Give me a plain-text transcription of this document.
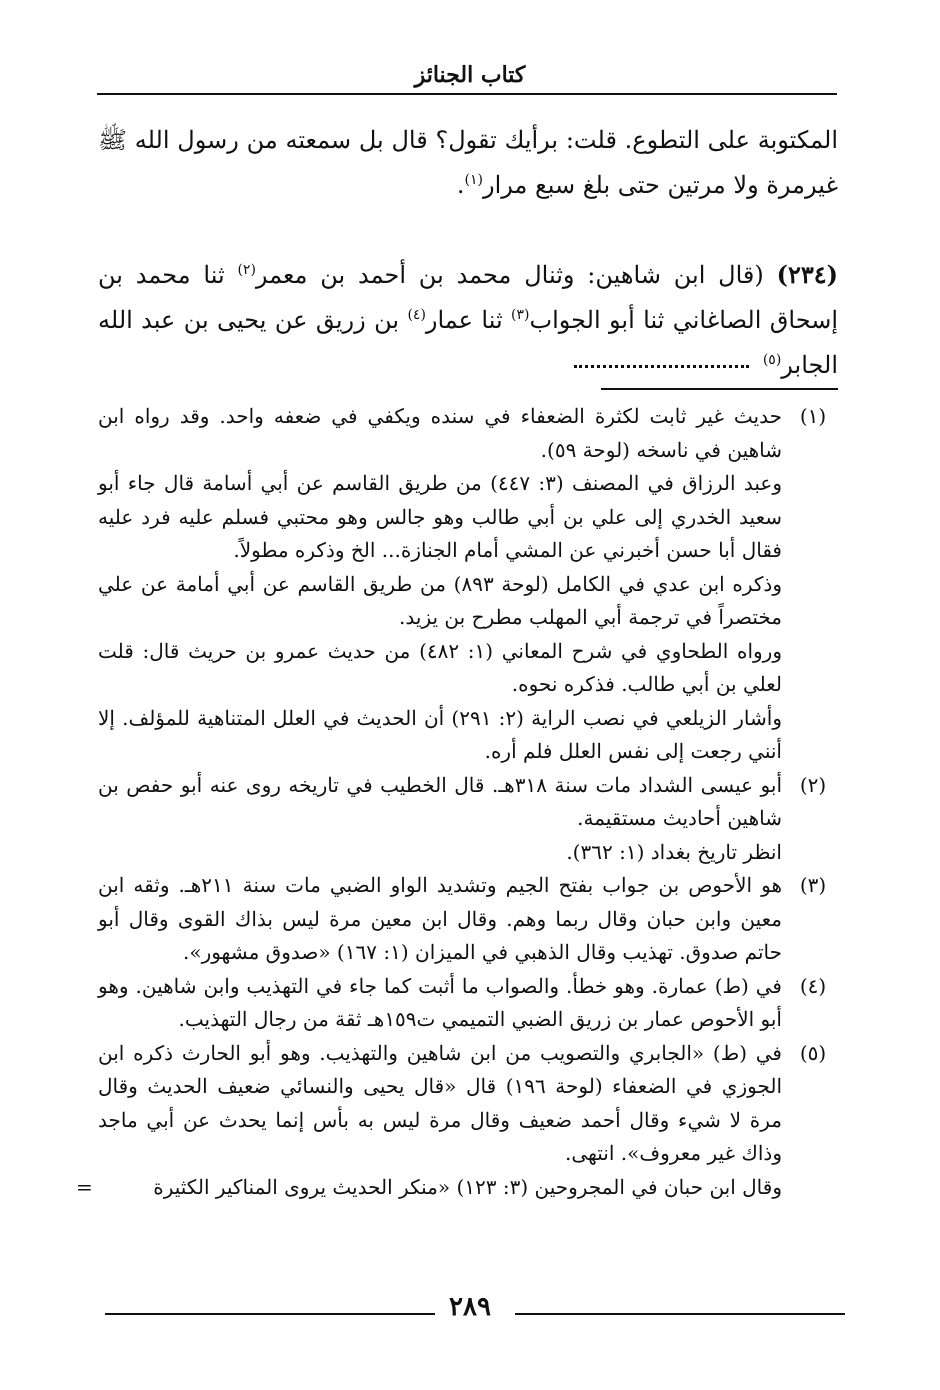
كتاب الجنائز

المكتوبة على التطوع. قلت: برأيك تقول؟ قال بل سمعته من رسول الله ﷺ غيرمرة ولا مرتين حتى بلغ سبع مرار$^{(١)}$.

(٢٣٤) (قال ابن شاهين: وثنال محمد بن أحمد بن معمر$^{(٢)}$ ثنا محمد بن إسحاق الصاغاني ثنا أبو الجواب$^{(٣)}$ ثنا عمار$^{(٤)}$ بن زريق عن يحيى بن عبد الله الجابر$^{(٥)}$

(١)

حديث غير ثابت لكثرة الضعفاء في سنده ويكفي في ضعفه واحد. وقد رواه ابن شاهين في ناسخه (لوحة ٥٩).

وعبد الرزاق في المصنف (٣: ٤٤٧) من طريق القاسم عن أبي أسامة قال جاء أبو سعيد الخدري إلى علي بن أبي طالب وهو جالس وهو محتبي فسلم عليه فرد عليه فقال أبا حسن أخبرني عن المشي أمام الجنازة... الخ وذكره مطولاً.

وذكره ابن عدي في الكامل (لوحة ٨٩٣) من طريق القاسم عن أبي أمامة عن علي مختصراً في ترجمة أبي المهلب مطرح بن يزيد.

ورواه الطحاوي في شرح المعاني (١: ٤٨٢) من حديث عمرو بن حريث قال: قلت لعلي بن أبي طالب. فذكره نحوه.

وأشار الزيلعي في نصب الراية (٢: ٢٩١) أن الحديث في العلل المتناهية للمؤلف. إلا أنني رجعت إلى نفس العلل فلم أره.

(٢)

أبو عيسى الشداد مات سنة ٣١٨هـ. قال الخطيب في تاريخه روى عنه أبو حفص بن شاهين أحاديث مستقيمة.

انظر تاريخ بغداد (١: ٣٦٢).

(٣)

هو الأحوص بن جواب بفتح الجيم وتشديد الواو الضبي مات سنة ٢١١هـ. وثقه ابن معين وابن حبان وقال ربما وهم. وقال ابن معين مرة ليس بذاك القوى وقال أبو حاتم صدوق. تهذيب وقال الذهبي في الميزان (١: ١٦٧) «صدوق مشهور».

(٤)

في (ط) عمارة. وهو خطأ. والصواب ما أثبت كما جاء في التهذيب وابن شاهين. وهو أبو الأحوص عمار بن زريق الضبي التميمي ت١٥٩هـ ثقة من رجال التهذيب.

(٥)

في (ط) «الجابري والتصويب من ابن شاهين والتهذيب. وهو أبو الحارث ذكره ابن الجوزي في الضعفاء (لوحة ١٩٦) قال «قال يحيى والنسائي ضعيف الحديث وقال مرة لا شيء وقال أحمد ضعيف وقال مرة ليس به بأس إنما يحدث عن أبي ماجد وذاك غير معروف». انتهى.

وقال ابن حبان في المجروحين (٣: ١٢٣) «منكر الحديث يروى المناكير الكثيرة
=

٢٨٩
